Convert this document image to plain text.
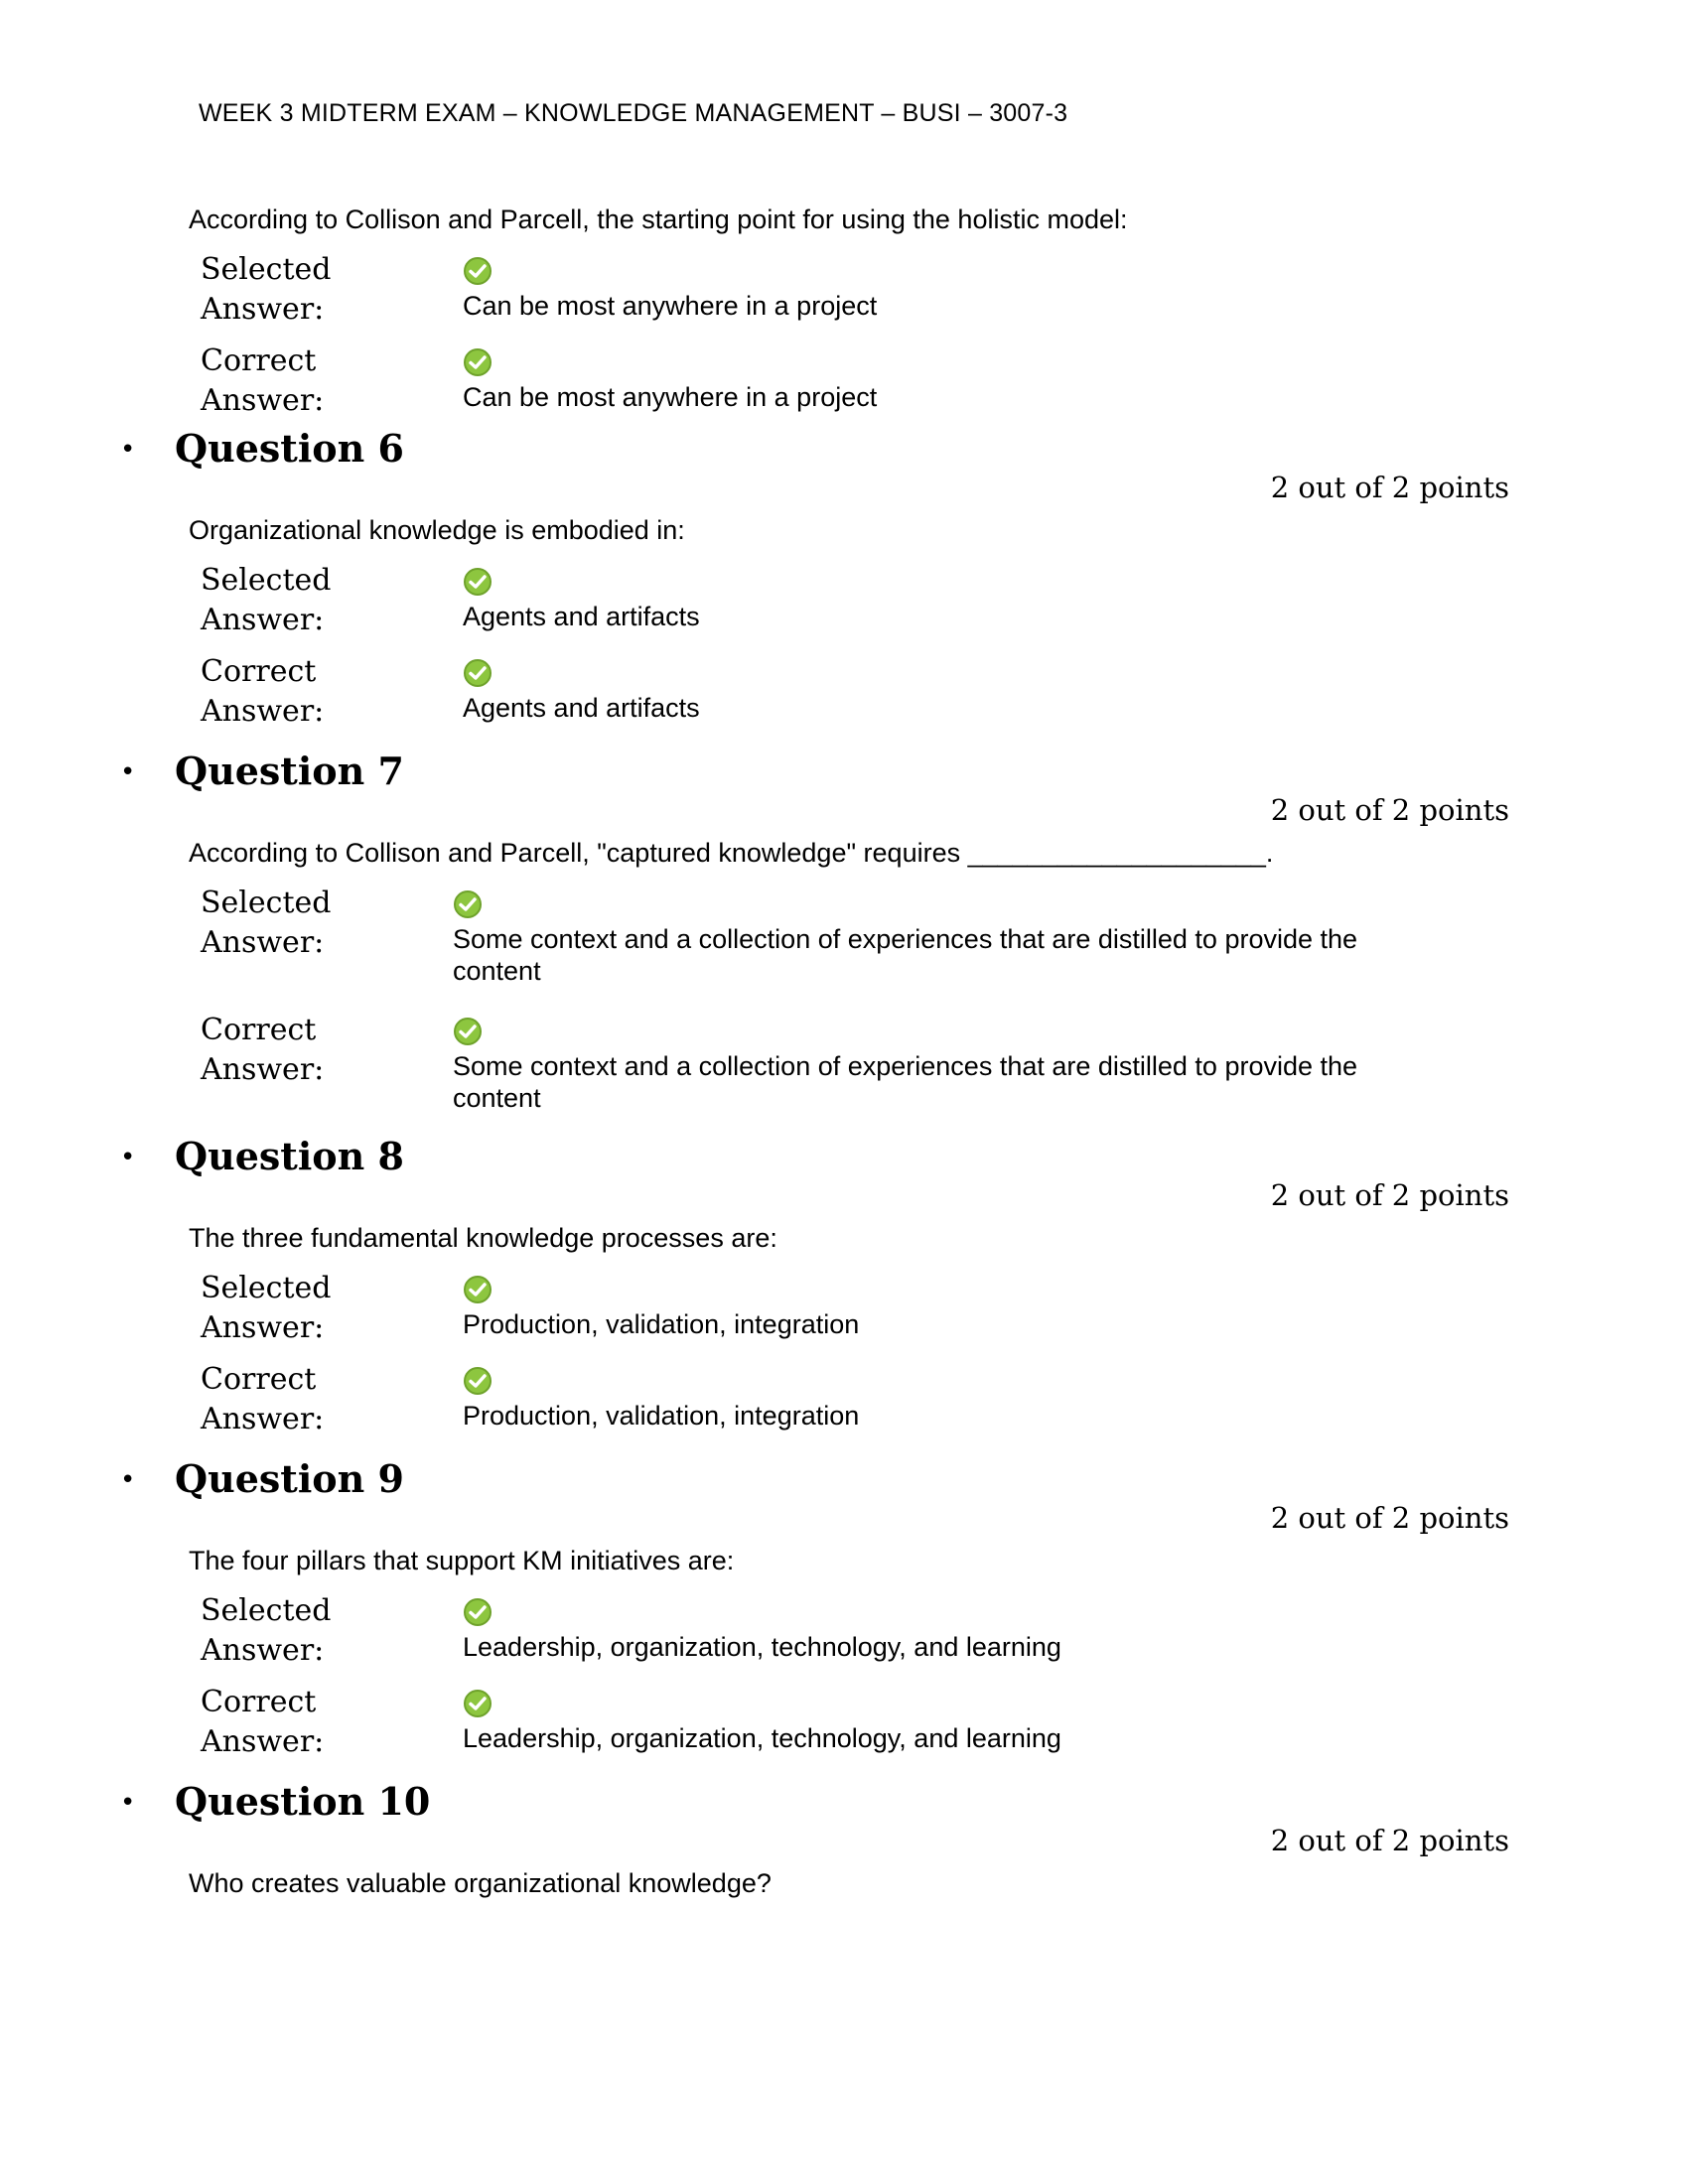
WEEK 3 MIDTERM EXAM – KNOWLEDGE MANAGEMENT – BUSI – 3007-3

According to Collison and Parcell, the starting point for using the holistic model:

Selected Answer:	Can be most anywhere in a project
Correct Answer:	Can be most anywhere in a project
• Question 6
2 out of 2 points

Organizational knowledge is embodied in:

Selected Answer:	Agents and artifacts
Correct Answer:	Agents and artifacts
• Question 7
2 out of 2 points

According to Collison and Parcell, "captured knowledge" requires ____________________.

Selected Answer:	Some context and a collection of experiences that are distilled to provide the content
Correct Answer:	Some context and a collection of experiences that are distilled to provide the content
• Question 8
2 out of 2 points

The three fundamental knowledge processes are:

Selected Answer:	Production, validation, integration
Correct Answer:	Production, validation, integration
• Question 9
2 out of 2 points

The four pillars that support KM initiatives are:

Selected Answer:	Leadership, organization, technology, and learning
Correct Answer:	Leadership, organization, technology, and learning
• Question 10
2 out of 2 points

Who creates valuable organizational knowledge?
